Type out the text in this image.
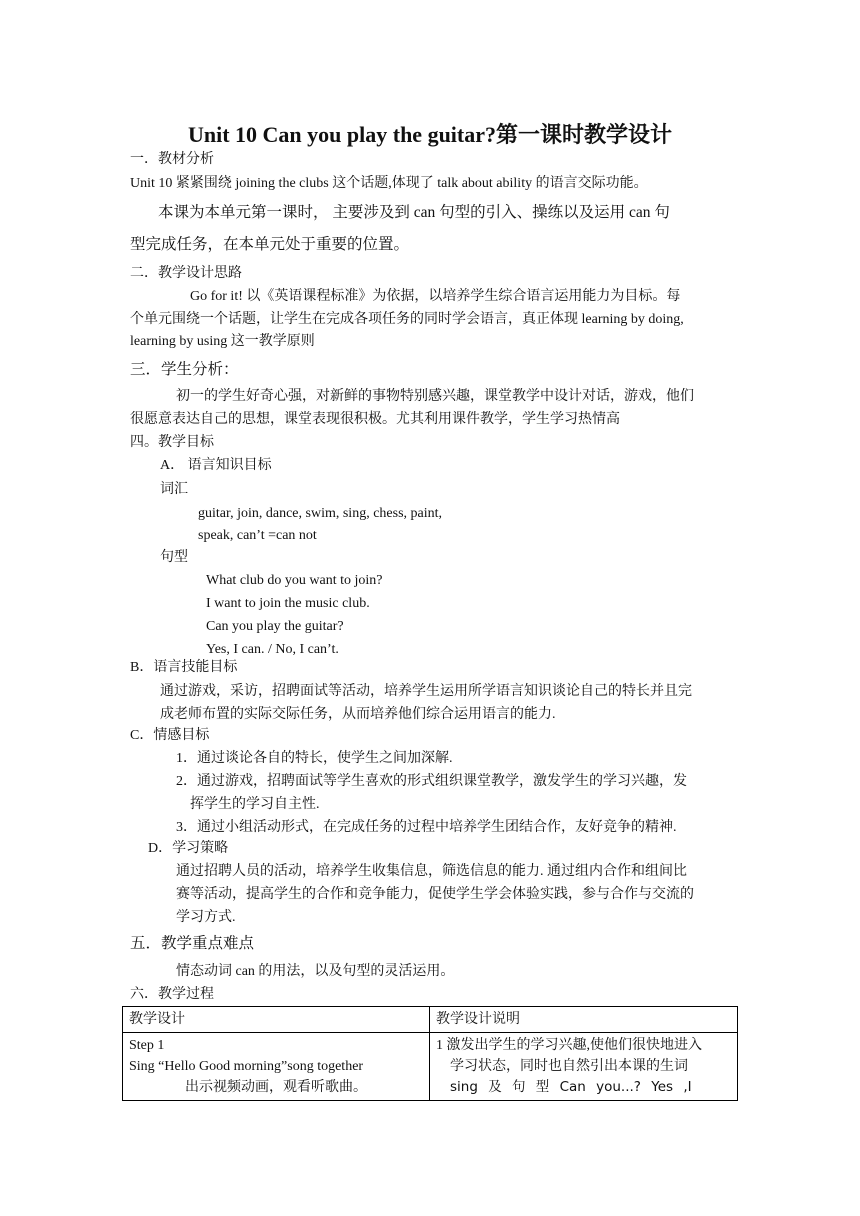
Unit 10 Can you play the guitar?第一课时教学设计
一．教材分析
Unit 10 紧紧围绕 joining the clubs 这个话题,体现了 talk about ability 的语言交际功能。
本课为本单元第一课时， 主要涉及到 can 句型的引入、操练以及运用 can 句
型完成任务，在本单元处于重要的位置。
二．教学设计思路
Go for it! 以《英语课程标准》为依据，以培养学生综合语言运用能力为目标。每
个单元围绕一个话题，让学生在完成各项任务的同时学会语言，真正体现 learning by doing,
learning by using 这一教学原则
三．学生分析：
初一的学生好奇心强，对新鲜的事物特别感兴趣，课堂教学中设计对话，游戏，他们
很愿意表达自己的思想，课堂表现很积极。尤其利用课件教学，学生学习热情高
四。教学目标
A． 语言知识目标
词汇
guitar, join, dance, swim, sing, chess, paint,
speak, can’t =can not
句型
What club do you want to join?
I want to join the music club.
Can you play the guitar?
Yes, I can. / No, I can’t.
B．语言技能目标
通过游戏，采访，招聘面试等活动，培养学生运用所学语言知识谈论自己的特长并且完
成老师布置的实际交际任务，从而培养他们综合运用语言的能力.
C．情感目标
1．通过谈论各自的特长，使学生之间加深解.
2．通过游戏，招聘面试等学生喜欢的形式组织课堂教学，激发学生的学习兴趣，发
挥学生的学习自主性.
3．通过小组活动形式，在完成任务的过程中培养学生团结合作，友好竞争的精神.
D．学习策略
通过招聘人员的活动，培养学生收集信息，筛选信息的能力. 通过组内合作和组间比
赛等活动，提高学生的合作和竞争能力，促使学生学会体验实践，参与合作与交流的
学习方式.
五．教学重点难点
情态动词 can 的用法，以及句型的灵活运用。
六．教学过程
教学设计	教学设计说明

Step 1
Sing “Hello Good morning”song together
出示视频动画，观看听歌曲。	1 激发出学生的学习兴趣,使他们很快地进入
学习状态，同时也自然引出本课的生词
sing 及 句 型 Can you...? Yes ,I
